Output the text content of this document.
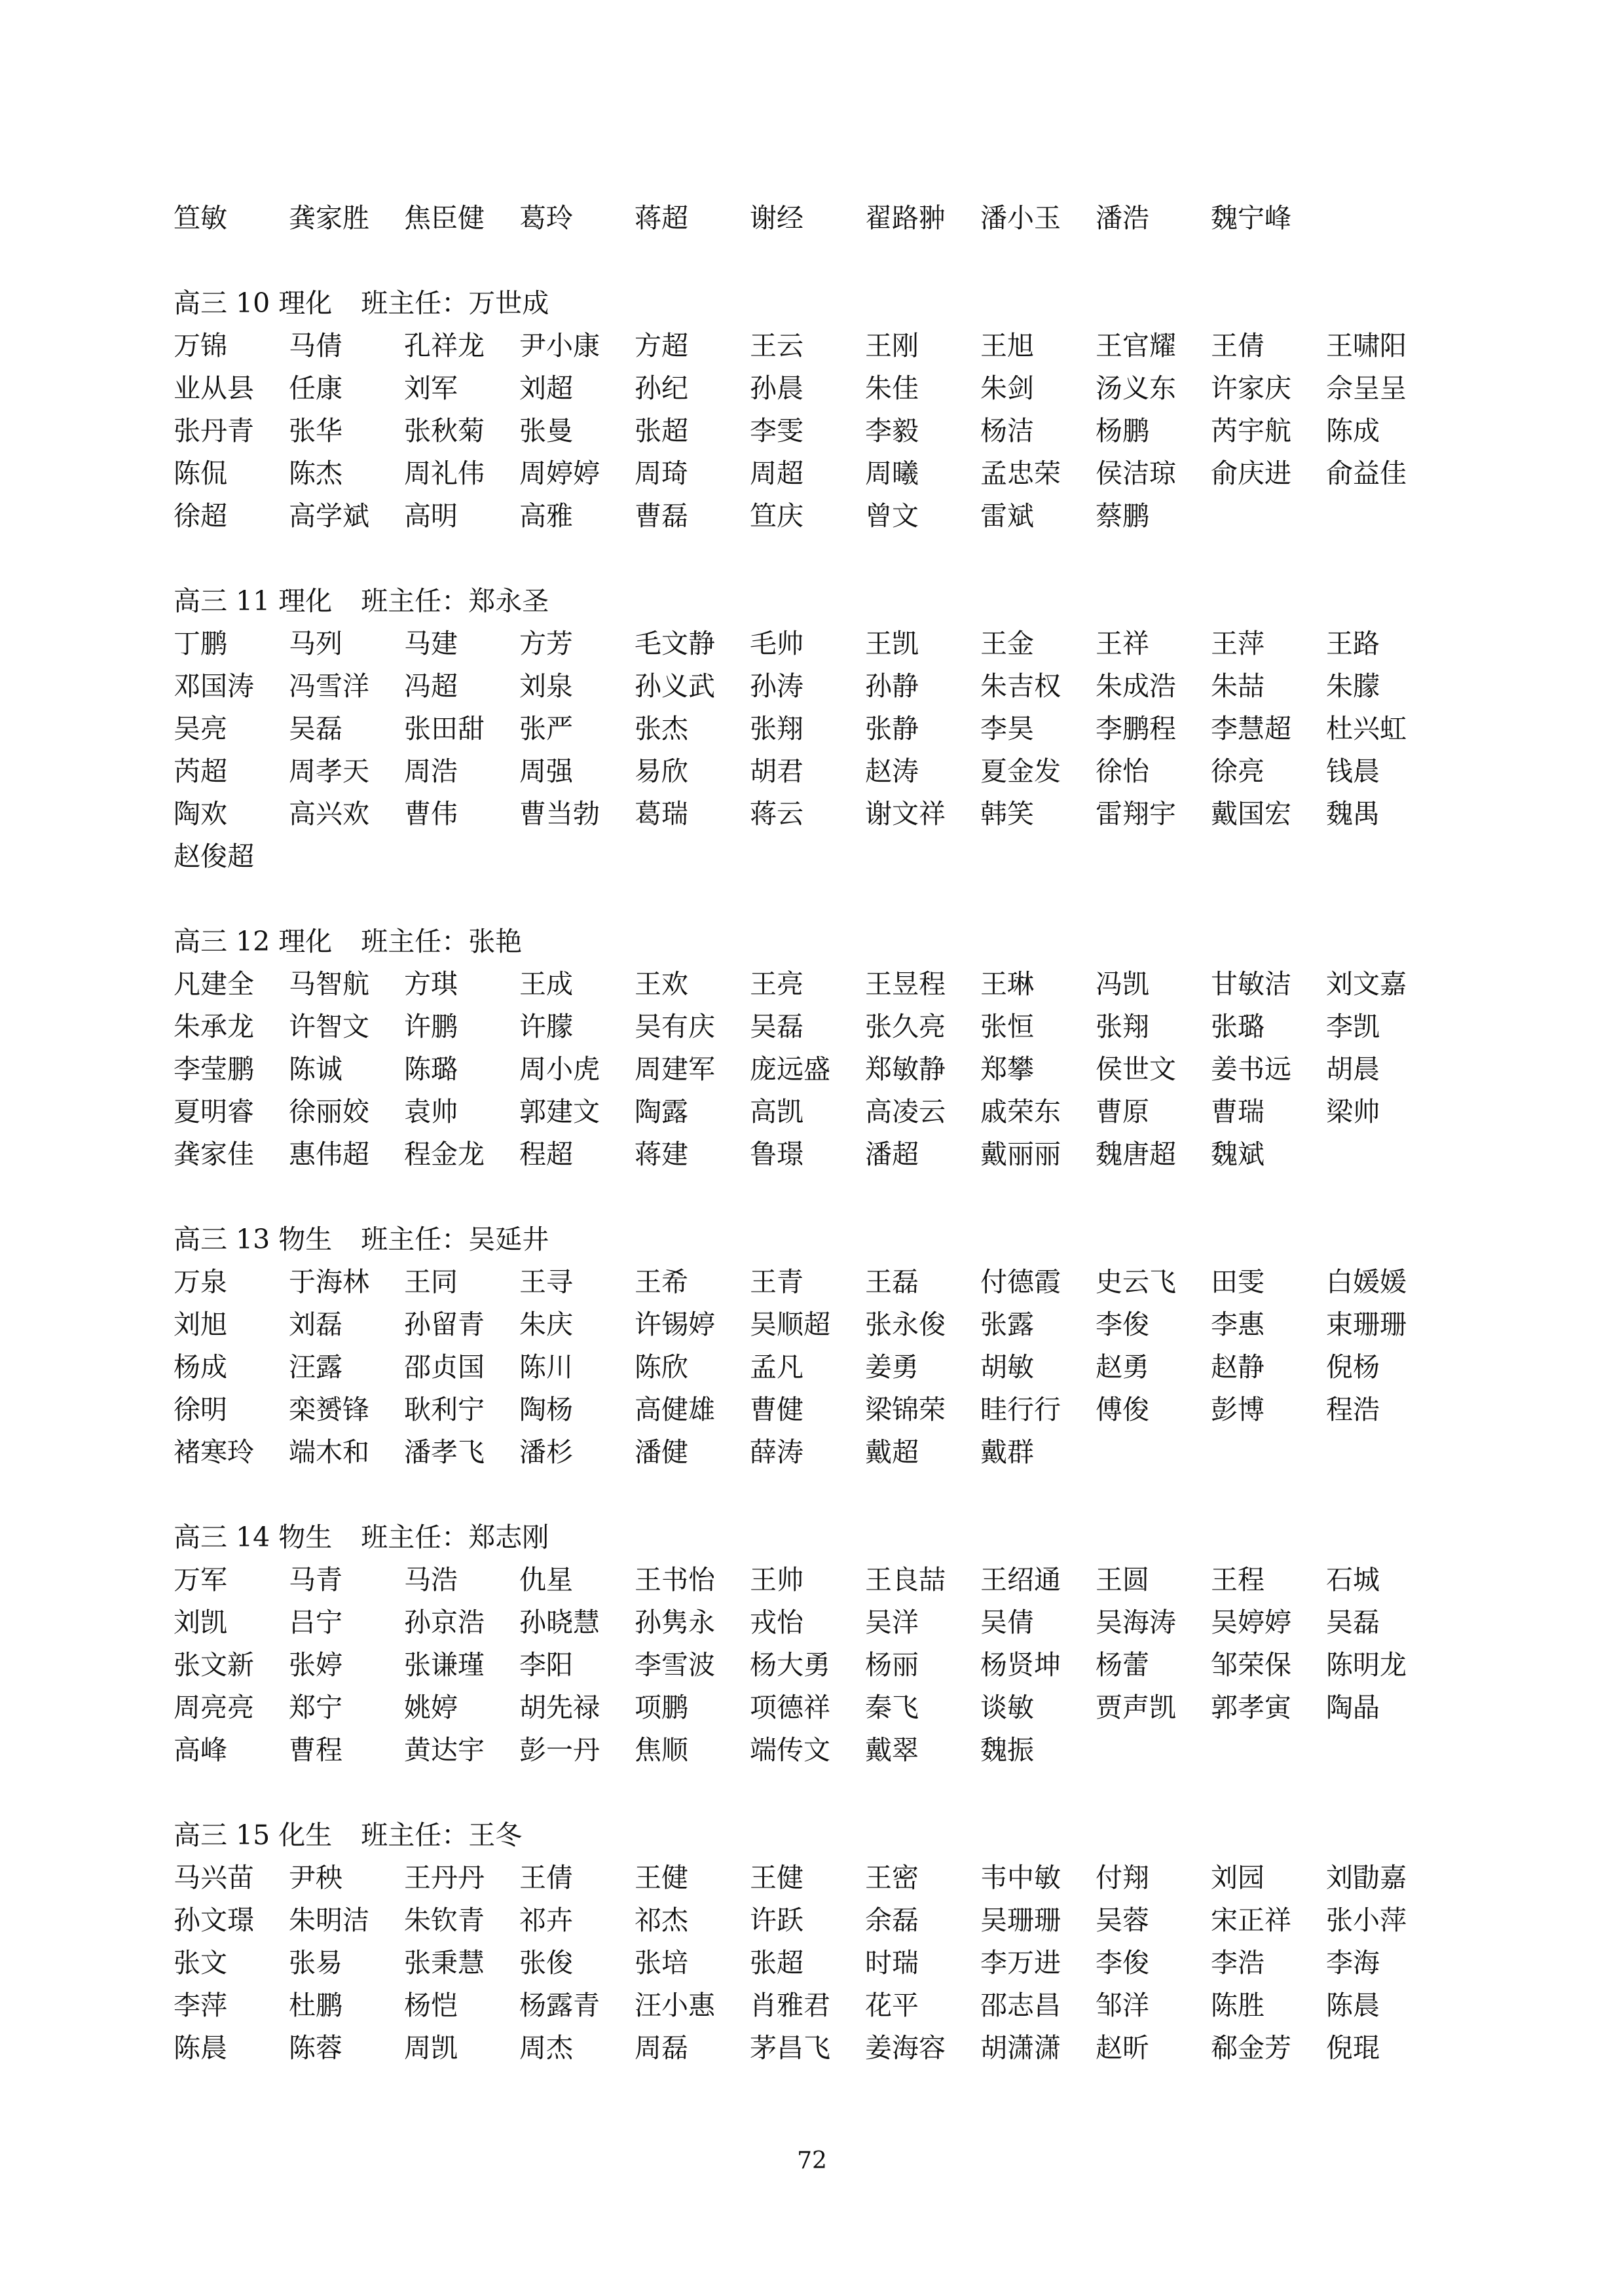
笪敏 龚家胜 焦臣健 葛玲 蒋超 谢经 翟路翀 潘小玉 潘浩 魏宁峰
高三 10 理化 班主任：万世成
万锦 马倩 孔祥龙 尹小康 方超 王云 王刚 王旭 王官耀 王倩 王啸阳
业从县 任康 刘军 刘超 孙纪 孙晨 朱佳 朱剑 汤义东 许家庆 佘呈呈
张丹青 张华 张秋菊 张曼 张超 李雯 李毅 杨洁 杨鹏 芮宇航 陈成
陈侃 陈杰 周礼伟 周婷婷 周琦 周超 周曦 孟忠荣 侯洁琼 俞庆进 俞益佳
徐超 高学斌 高明 高雅 曹磊 笪庆 曾文 雷斌 蔡鹏
高三 11 理化 班主任：郑永圣
丁鹏 马列 马建 方芳 毛文静 毛帅 王凯 王金 王祥 王萍 王路
邓国涛 冯雪洋 冯超 刘泉 孙义武 孙涛 孙静 朱吉权 朱成浩 朱喆 朱朦
吴亮 吴磊 张田甜 张严 张杰 张翔 张静 李昊 李鹏程 李慧超 杜兴虹
芮超 周孝天 周浩 周强 易欣 胡君 赵涛 夏金发 徐怡 徐亮 钱晨
陶欢 高兴欢 曹伟 曹当勃 葛瑞 蒋云 谢文祥 韩笑 雷翔宇 戴国宏 魏禺
赵俊超
高三 12 理化 班主任：张艳
凡建全 马智航 方琪 王成 王欢 王亮 王昱程 王琳 冯凯 甘敏洁 刘文嘉
朱承龙 许智文 许鹏 许朦 吴有庆 吴磊 张久亮 张恒 张翔 张璐 李凯
李莹鹏 陈诚 陈璐 周小虎 周建军 庞远盛 郑敏静 郑攀 侯世文 姜书远 胡晨
夏明睿 徐丽姣 袁帅 郭建文 陶露 高凯 高凌云 戚荣东 曹原 曹瑞 梁帅
龚家佳 惠伟超 程金龙 程超 蒋建 鲁璟 潘超 戴丽丽 魏唐超 魏斌
高三 13 物生 班主任：吴延井
万泉 于海林 王同 王寻 王希 王青 王磊 付德霞 史云飞 田雯 白媛媛
刘旭 刘磊 孙留青 朱庆 许锡婷 吴顺超 张永俊 张露 李俊 李惠 束珊珊
杨成 汪露 邵贞国 陈川 陈欣 孟凡 姜勇 胡敏 赵勇 赵静 倪杨
徐明 栾赟锋 耿利宁 陶杨 高健雄 曹健 梁锦荣 眭行行 傅俊 彭博 程浩
褚寒玲 端木和 潘孝飞 潘杉 潘健 薛涛 戴超 戴群
高三 14 物生 班主任：郑志刚
万军 马青 马浩 仇星 王书怡 王帅 王良喆 王绍通 王圆 王程 石城
刘凯 吕宁 孙京浩 孙晓慧 孙隽永 戎怡 吴洋 吴倩 吴海涛 吴婷婷 吴磊
张文新 张婷 张谦瑾 李阳 李雪波 杨大勇 杨丽 杨贤坤 杨蕾 邹荣保 陈明龙
周亮亮 郑宁 姚婷 胡先禄 项鹏 项德祥 秦飞 谈敏 贾声凯 郭孝寅 陶晶
高峰 曹程 黄达宇 彭一丹 焦顺 端传文 戴翠 魏振
高三 15 化生 班主任：王冬
马兴苗 尹秧 王丹丹 王倩 王健 王健 王密 韦中敏 付翔 刘园 刘勖嘉
孙文璟 朱明洁 朱钦青 祁卉 祁杰 许跃 余磊 吴珊珊 吴蓉 宋正祥 张小萍
张文 张易 张秉慧 张俊 张培 张超 时瑞 李万进 李俊 李浩 李海
李萍 杜鹏 杨恺 杨露青 汪小惠 肖雅君 花平 邵志昌 邹洋 陈胜 陈晨
陈晨 陈蓉 周凯 周杰 周磊 茅昌飞 姜海容 胡潇潇 赵昕 郗金芳 倪琨
72
